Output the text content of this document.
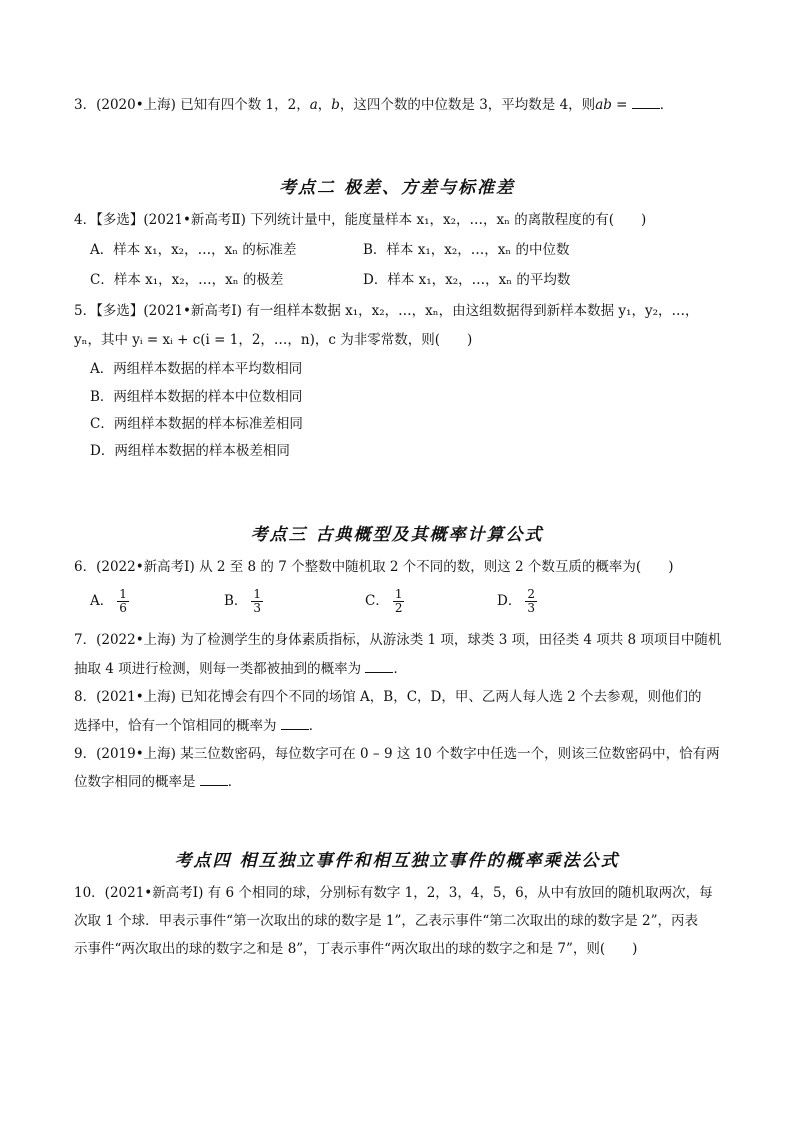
3．(2020•上海) 已知有四个数 1，2，a，b，这四个数的中位数是 3，平均数是 4，则ab = ．
考点二 极差、方差与标准差
4．【多选】(2021•新高考Ⅱ) 下列统计量中，能度量样本 x₁，x₂，…，xₙ 的离散程度的有(　　)
A．样本 x₁，x₂，…，xₙ 的标准差	B．样本 x₁，x₂，…，xₙ 的中位数
C．样本 x₁，x₂，…，xₙ 的极差	D．样本 x₁，x₂，…，xₙ 的平均数
5．【多选】(2021•新高考Ⅰ) 有一组样本数据 x₁，x₂，…，xₙ，由这组数据得到新样本数据 y₁，y₂，…，
yₙ，其中 yᵢ = xᵢ + c(i = 1，2，…，n)，c 为非零常数，则(　　)
A．两组样本数据的样本平均数相同
B．两组样本数据的样本中位数相同
C．两组样本数据的样本标准差相同
D．两组样本数据的样本极差相同
考点三 古典概型及其概率计算公式
6．(2022•新高考Ⅰ) 从 2 至 8 的 7 个整数中随机取 2 个不同的数，则这 2 个数互质的概率为(　　)
A． $\frac{1}{6}$	B． $\frac{1}{3}$	C． $\frac{1}{2}$	D． $\frac{2}{3}$
7．(2022•上海) 为了检测学生的身体素质指标，从游泳类 1 项，球类 3 项，田径类 4 项共 8 项项目中随机
抽取 4 项进行检测，则每一类都被抽到的概率为 ．
8．(2021•上海) 已知花博会有四个不同的场馆 A，B，C，D，甲、乙两人每人选 2 个去参观，则他们的
选择中，恰有一个馆相同的概率为 ．
9．(2019•上海) 某三位数密码，每位数字可在 0 – 9 这 10 个数字中任选一个，则该三位数密码中，恰有两
位数字相同的概率是 ．
考点四 相互独立事件和相互独立事件的概率乘法公式
10．(2021•新高考Ⅰ) 有 6 个相同的球，分别标有数字 1，2，3，4，5，6，从中有放回的随机取两次，每
次取 1 个球．甲表示事件“第一次取出的球的数字是 1”，乙表示事件“第二次取出的球的数字是 2”，丙表
示事件“两次取出的球的数字之和是 8”，丁表示事件“两次取出的球的数字之和是 7”，则(　　)
